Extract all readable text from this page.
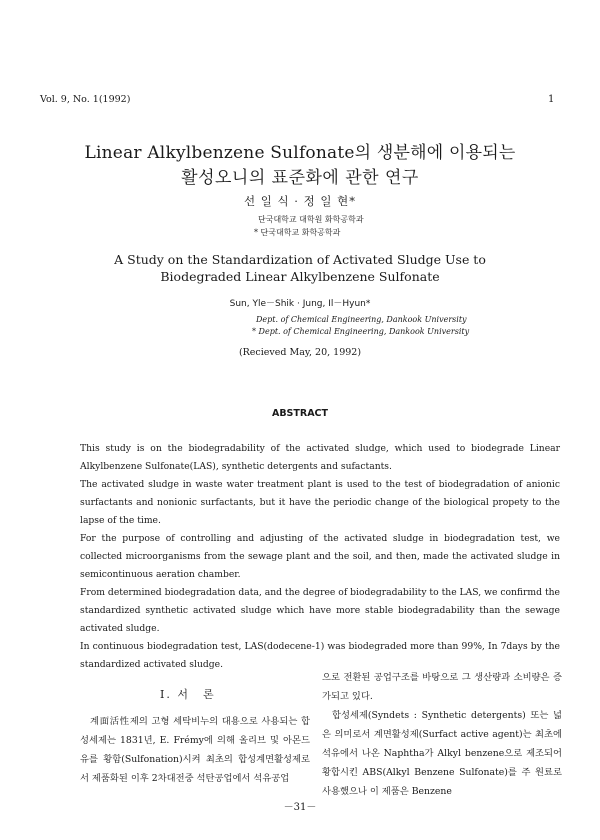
Vol. 9, No. 1(1992)	1
Linear Alkylbenzene Sulfonate의 생분해에 이용되는
활성오니의 표준화에 관한 연구
선 일 식 · 정 일 현*
단국대학교 대학원 화학공학과
* 단국대학교 화학공학과
A Study on the Standardization of Activated Sludge Use to
Biodegraded Linear Alkylbenzene Sulfonate
Sun, Yle－Shik · Jung, Il－Hyun*
Dept. of Chemical Engineering, Dankook University
* Dept. of Chemical Engineering, Dankook University
(Recieved May, 20, 1992)
ABSTRACT

This study is on the biodegradability of the activated sludge, which used to biodegrade Linear Alkylbenzene Sulfonate(LAS), synthetic detergents and sufactants.

The activated sludge in waste water treatment plant is used to the test of biodegradation of anionic surfactants and nonionic surfactants, but it have the periodic change of the biological propety to the lapse of the time.

For the purpose of controlling and adjusting of the activated sludge in biodegradation test, we collected microorganisms from the sewage plant and the soil, and then, made the activated sludge in semicontinuous aeration chamber.

From determined biodegradation data, and the degree of biodegradability to the LAS, we confirmd the standardized synthetic activated sludge which have more stable biodegradability than the sewage activated sludge.

In continuous biodegradation test, LAS(dodecene-1) was biodegraded more than 99%, In 7days by the standardized activated sludge.

I. 서　론

계面活性제의 고형 세탁비누의 대용으로 사용되는 합성세제는 1831년, E. Frémy에 의해 올리브 및 아몬드 유를 황함(Sulfonation)시켜 최초의 합성계면활성제로서 제품화된 이후 2차대전중 석탄공업에서 석유공업

으로 전환된 공업구조를 바탕으로 그 생산량과 소비량은 증가되고 있다.

합성세제(Syndets : Synthetic detergents) 또는 넓은 의미로서 계면활성제(Surfact active agent)는 최초에 석유에서 나온 Naphtha가 Alkyl benzene으로 제조되어 황합시킨 ABS(Alkyl Benzene Sulfonate)를 주 원료로 사용했으나 이 제품은 Benzene

－31－
